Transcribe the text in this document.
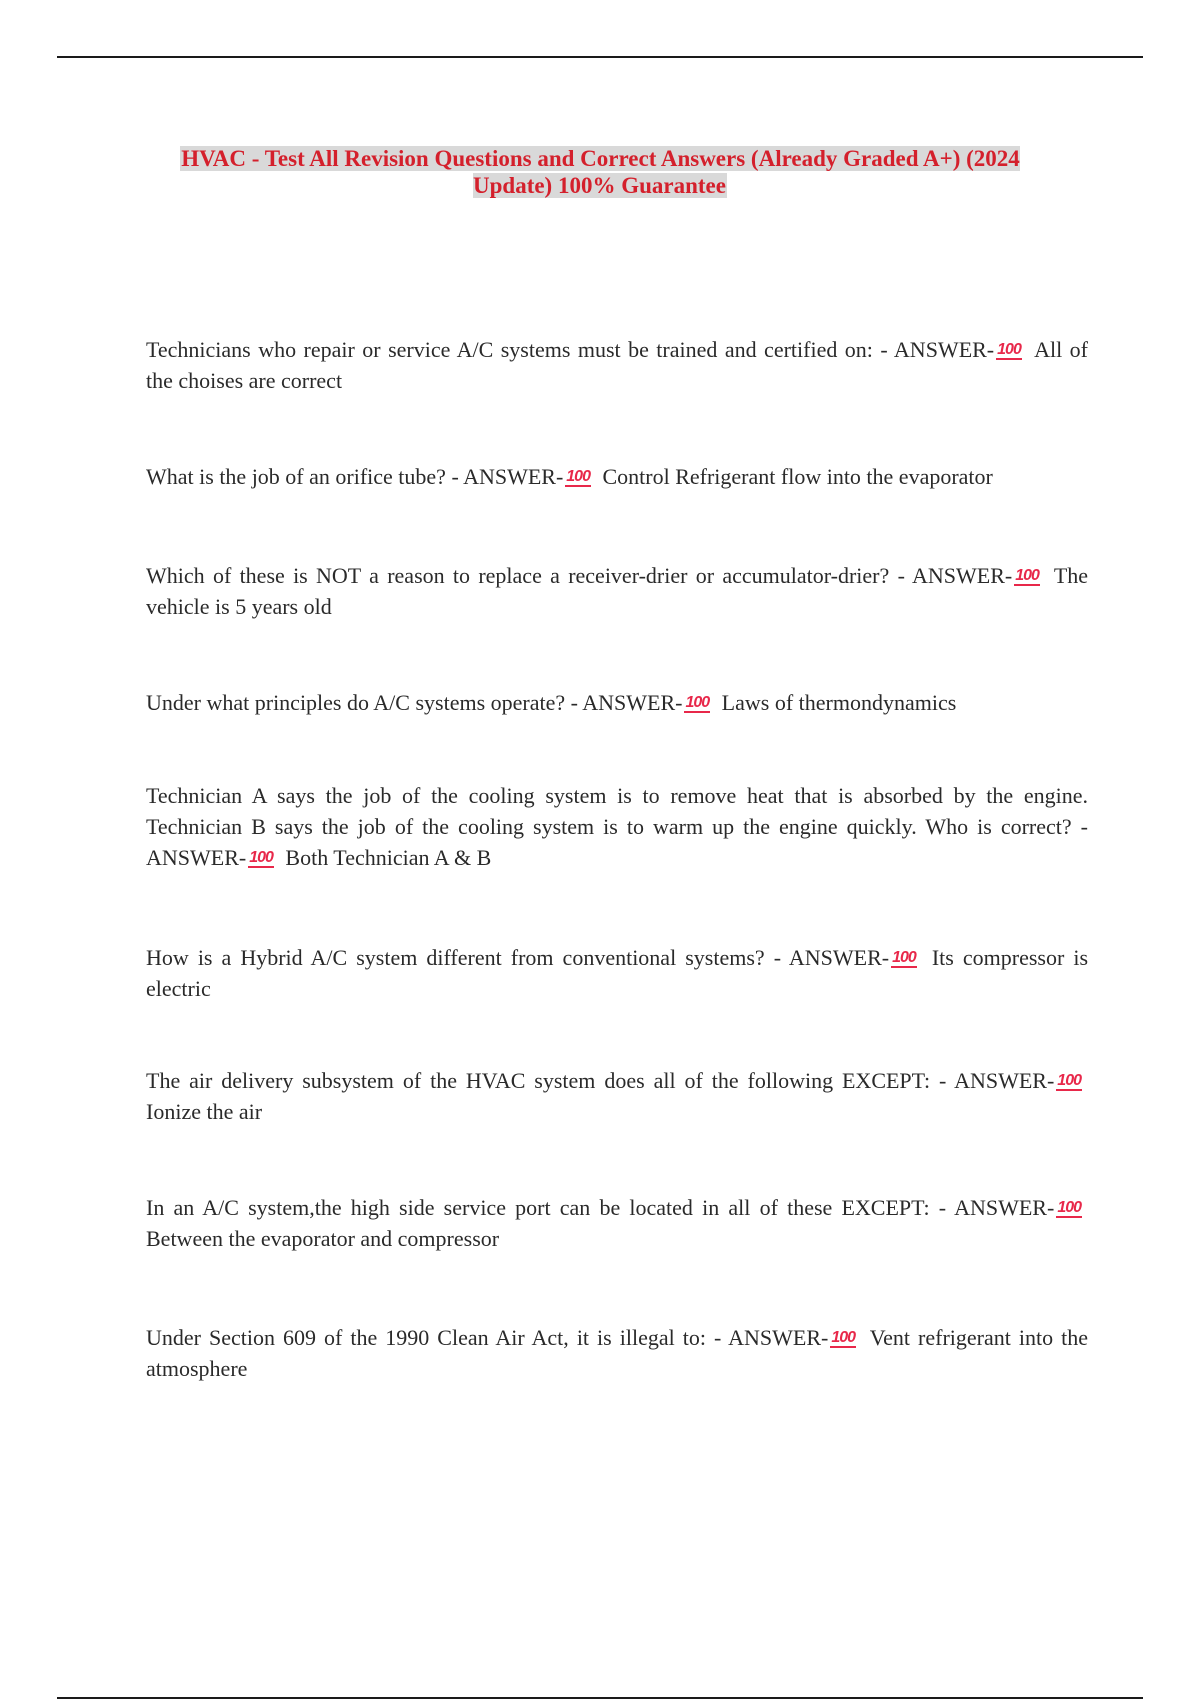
HVAC - Test All Revision Questions and Correct Answers (Already Graded A+) (2024 Update) 100% Guarantee
Technicians who repair or service A/C systems must be trained and certified on: - ANSWER- 100 All of the choises are correct
What is the job of an orifice tube? - ANSWER- 100 Control Refrigerant flow into the evaporator
Which of these is NOT a reason to replace a receiver-drier or accumulator-drier? - ANSWER- 100 The vehicle is 5 years old
Under what principles do A/C systems operate? - ANSWER- 100 Laws of thermondynamics
Technician A says the job of the cooling system is to remove heat that is absorbed by the engine. Technician B says the job of the cooling system is to warm up the engine quickly. Who is correct? - ANSWER- 100 Both Technician A & B
How is a Hybrid A/C system different from conventional systems? - ANSWER- 100 Its compressor is electric
The air delivery subsystem of the HVAC system does all of the following EXCEPT: - ANSWER- 100 Ionize the air
In an A/C system,the high side service port can be located in all of these EXCEPT: - ANSWER- 100 Between the evaporator and compressor
Under Section 609 of the 1990 Clean Air Act, it is illegal to: - ANSWER- 100 Vent refrigerant into the atmosphere
